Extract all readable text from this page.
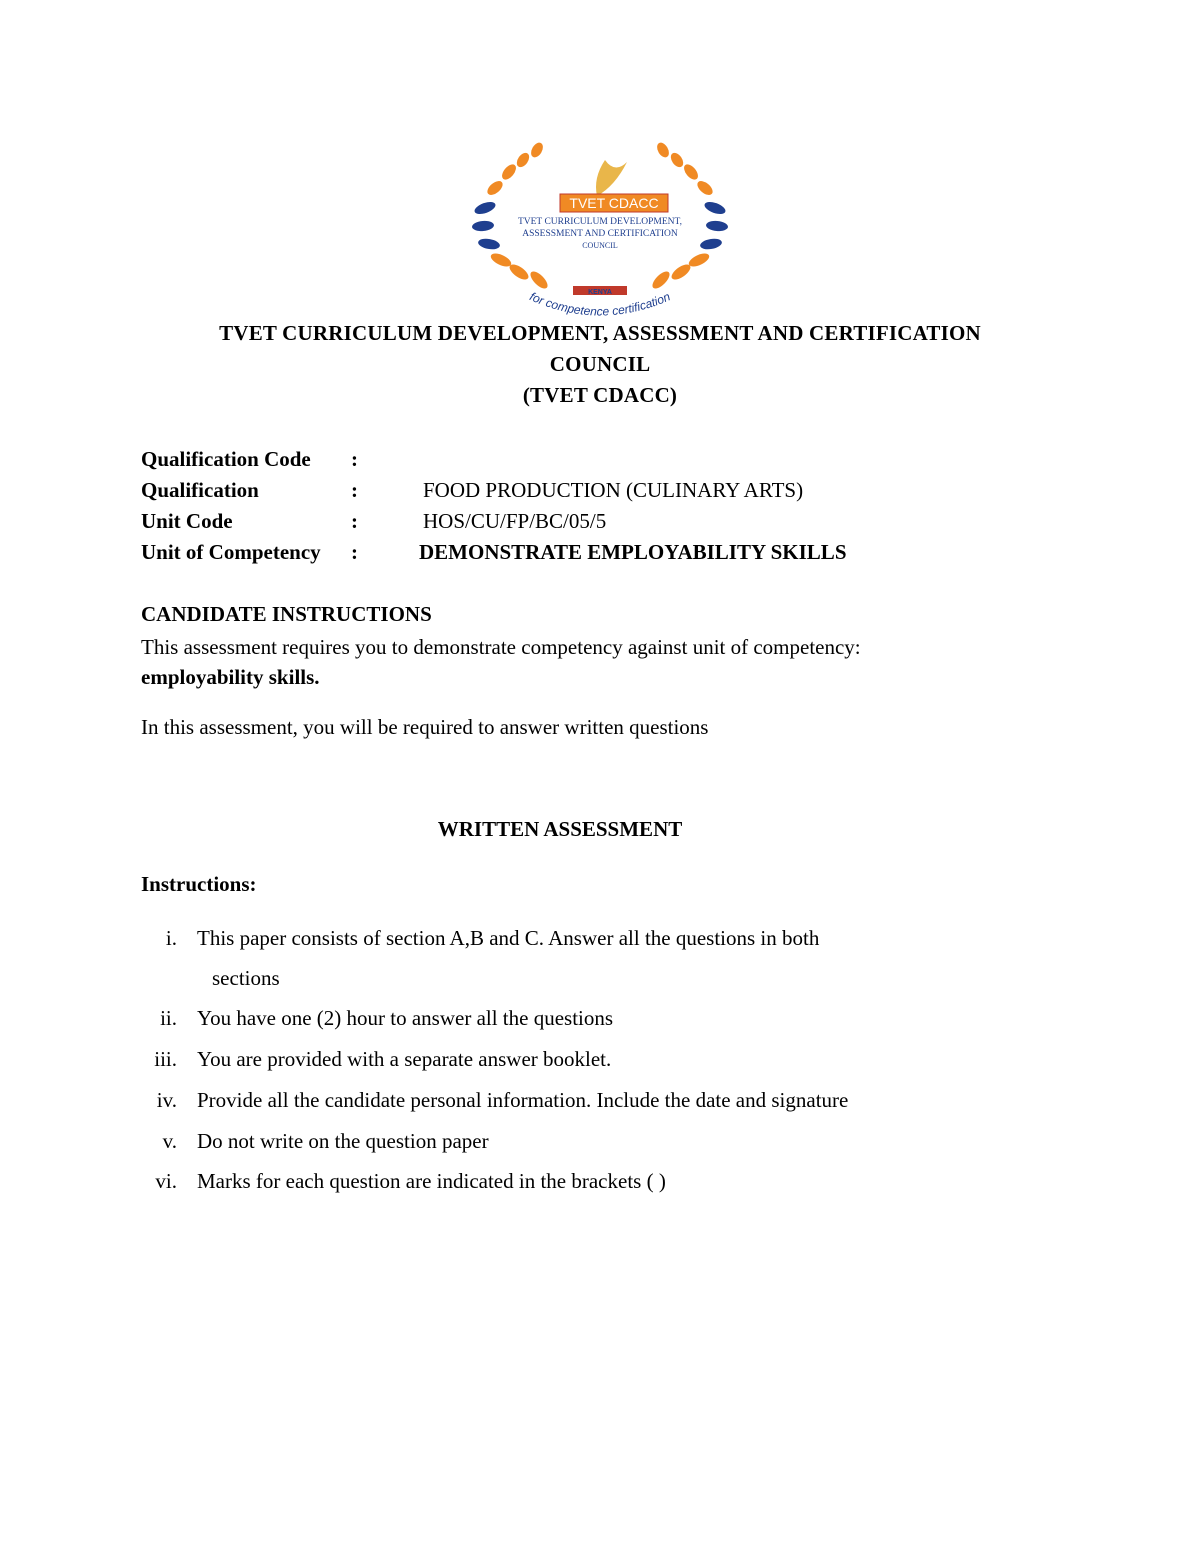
TVET CDACC
TVET CURRICULUM DEVELOPMENT,
ASSESSMENT AND CERTIFICATION
COUNCIL
KENYA
for competence certification
TVET CURRICULUM DEVELOPMENT, ASSESSMENT AND CERTIFICATION
COUNCIL
(TVET CDACC)
Qualification Code :
Qualification	:	FOOD PRODUCTION (CULINARY ARTS)
Unit Code	:	HOS/CU/FP/BC/05/5
Unit of Competency :	DEMONSTRATE EMPLOYABILITY SKILLS
CANDIDATE INSTRUCTIONS
This assessment requires you to demonstrate competency against unit of competency:
employability skills.
In this assessment, you will be required to answer written questions
WRITTEN ASSESSMENT
Instructions:
i. This paper consists of section A,B and C. Answer all the questions in both
sections
ii. You have one (2) hour to answer all the questions
iii. You are provided with a separate answer booklet.
iv. Provide all the candidate personal information. Include the date and signature
v. Do not write on the question paper
vi. Marks for each question are indicated in the brackets ( )
